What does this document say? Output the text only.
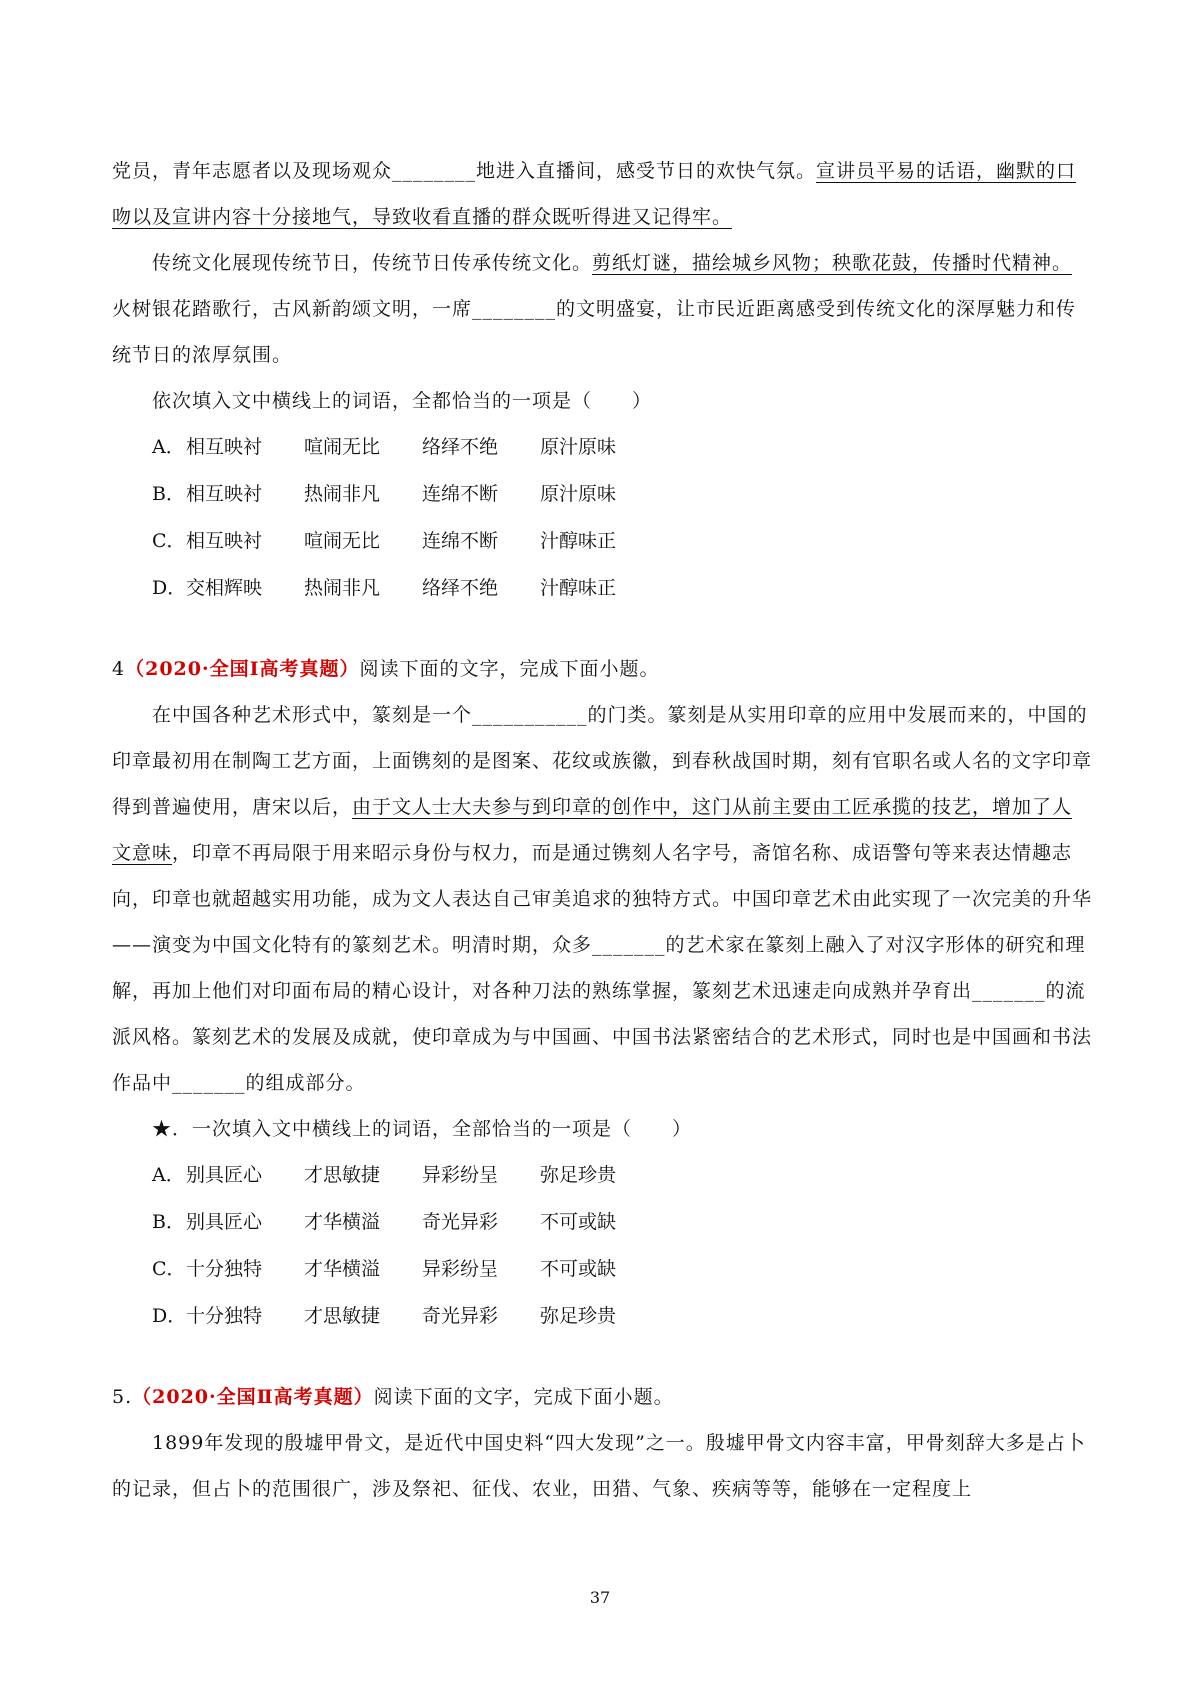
党员，青年志愿者以及现场观众________地进入直播间，感受节日的欢快气氛。宣讲员平易的话语，幽默的口吻以及宣讲内容十分接地气，导致收看直播的群众既听得进又记得牢。

传统文化展现传统节日，传统节日传承传统文化。剪纸灯谜，描绘城乡风物；秧歌花鼓，传播时代精神。火树银花踏歌行，古风新韵颂文明，一席________的文明盛宴，让市民近距离感受到传统文化的深厚魅力和传统节日的浓厚氛围。

依次填入文中横线上的词语，全都恰当的一项是（　　）

A．相互映衬 喧闹无比 络绎不绝 原汁原味
B．相互映衬 热闹非凡 连绵不断 原汁原味
C．相互映衬 喧闹无比 连绵不断 汁醇味正
D．交相辉映 热闹非凡 络绎不绝 汁醇味正

4（2020·全国I高考真题）阅读下面的文字，完成下面小题。

在中国各种艺术形式中，篆刻是一个___________的门类。篆刻是从实用印章的应用中发展而来的，中国的印章最初用在制陶工艺方面，上面镌刻的是图案、花纹或族徽，到春秋战国时期，刻有官职名或人名的文字印章得到普遍使用，唐宋以后，由于文人士大夫参与到印章的创作中，这门从前主要由工匠承揽的技艺，增加了人文意味，印章不再局限于用来昭示身份与权力，而是通过镌刻人名字号，斋馆名称、成语警句等来表达情趣志向，印章也就超越实用功能，成为文人表达自己审美追求的独特方式。中国印章艺术由此实现了一次完美的升华——演变为中国文化特有的篆刻艺术。明清时期，众多_______的艺术家在篆刻上融入了对汉字形体的研究和理解，再加上他们对印面布局的精心设计，对各种刀法的熟练掌握，篆刻艺术迅速走向成熟并孕育出_______的流派风格。篆刻艺术的发展及成就，使印章成为与中国画、中国书法紧密结合的艺术形式，同时也是中国画和书法作品中_______的组成部分。

★．一次填入文中横线上的词语，全部恰当的一项是（　　）

A．别具匠心 才思敏捷 异彩纷呈 弥足珍贵
B．别具匠心 才华横溢 奇光异彩 不可或缺
C．十分独特 才华横溢 异彩纷呈 不可或缺
D．十分独特 才思敏捷 奇光异彩 弥足珍贵

5.（2020·全国Ⅱ高考真题）阅读下面的文字，完成下面小题。

1899年发现的殷墟甲骨文，是近代中国史料“四大发现”之一。殷墟甲骨文内容丰富，甲骨刻辞大多是占卜的记录，但占卜的范围很广，涉及祭祀、征伐、农业，田猎、气象、疾病等等，能够在一定程度上

37
